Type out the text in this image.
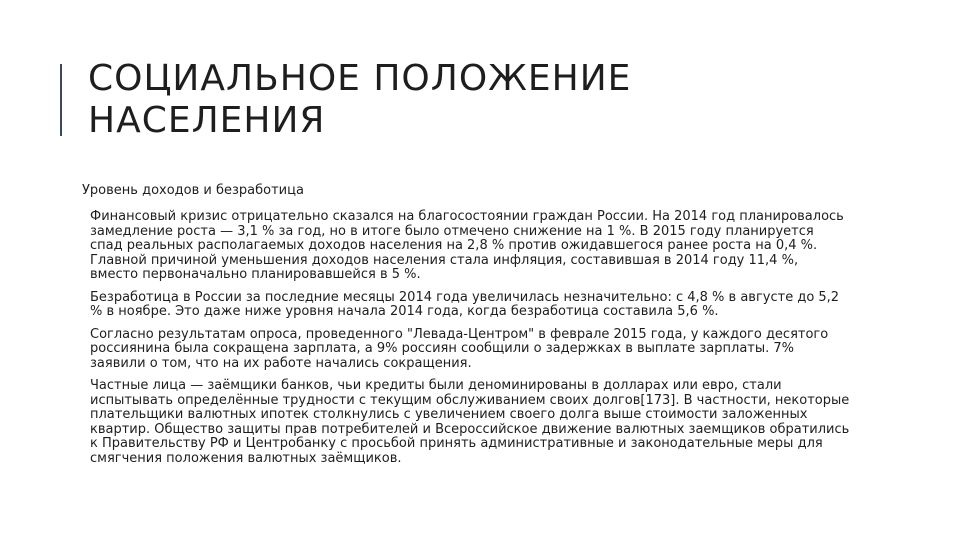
СОЦИАЛЬНОЕ ПОЛОЖЕНИЕ
НАСЕЛЕНИЯ

Уровень доходов и безработица

Финансовый кризис отрицательно сказался на благосостоянии граждан России. На 2014 год планировалось замедление роста — 3,1 % за год, но в итоге было отмечено снижение на 1 %. В 2015 году планируется спад реальных располагаемых доходов населения на 2,8 % против ожидавшегося ранее роста на 0,4 %. Главной причиной уменьшения доходов населения стала инфляция, составившая в 2014 году 11,4 %, вместо первоначально планировавшейся в 5 %.

Безработица в России за последние месяцы 2014 года увеличилась незначительно: с 4,8 % в августе до 5,2 % в ноябре. Это даже ниже уровня начала 2014 года, когда безработица составила 5,6 %.

Согласно результатам опроса, проведенного "Левада-Центром" в феврале 2015 года, у каждого десятого россиянина была сокращена зарплата, а 9% россиян сообщили о задержках в выплате зарплаты. 7% заявили о том, что на их работе начались сокращения.

Частные лица — заёмщики банков, чьи кредиты были деноминированы в долларах или евро, стали испытывать определённые трудности с текущим обслуживанием своих долгов[173]. В частности, некоторые плательщики валютных ипотек столкнулись с увеличением своего долга выше стоимости заложенных квартир. Общество защиты прав потребителей и Всероссийское движение валютных заемщиков обратились к Правительству РФ и Центробанку с просьбой принять административные и законодательные меры для смягчения положения валютных заёмщиков.
